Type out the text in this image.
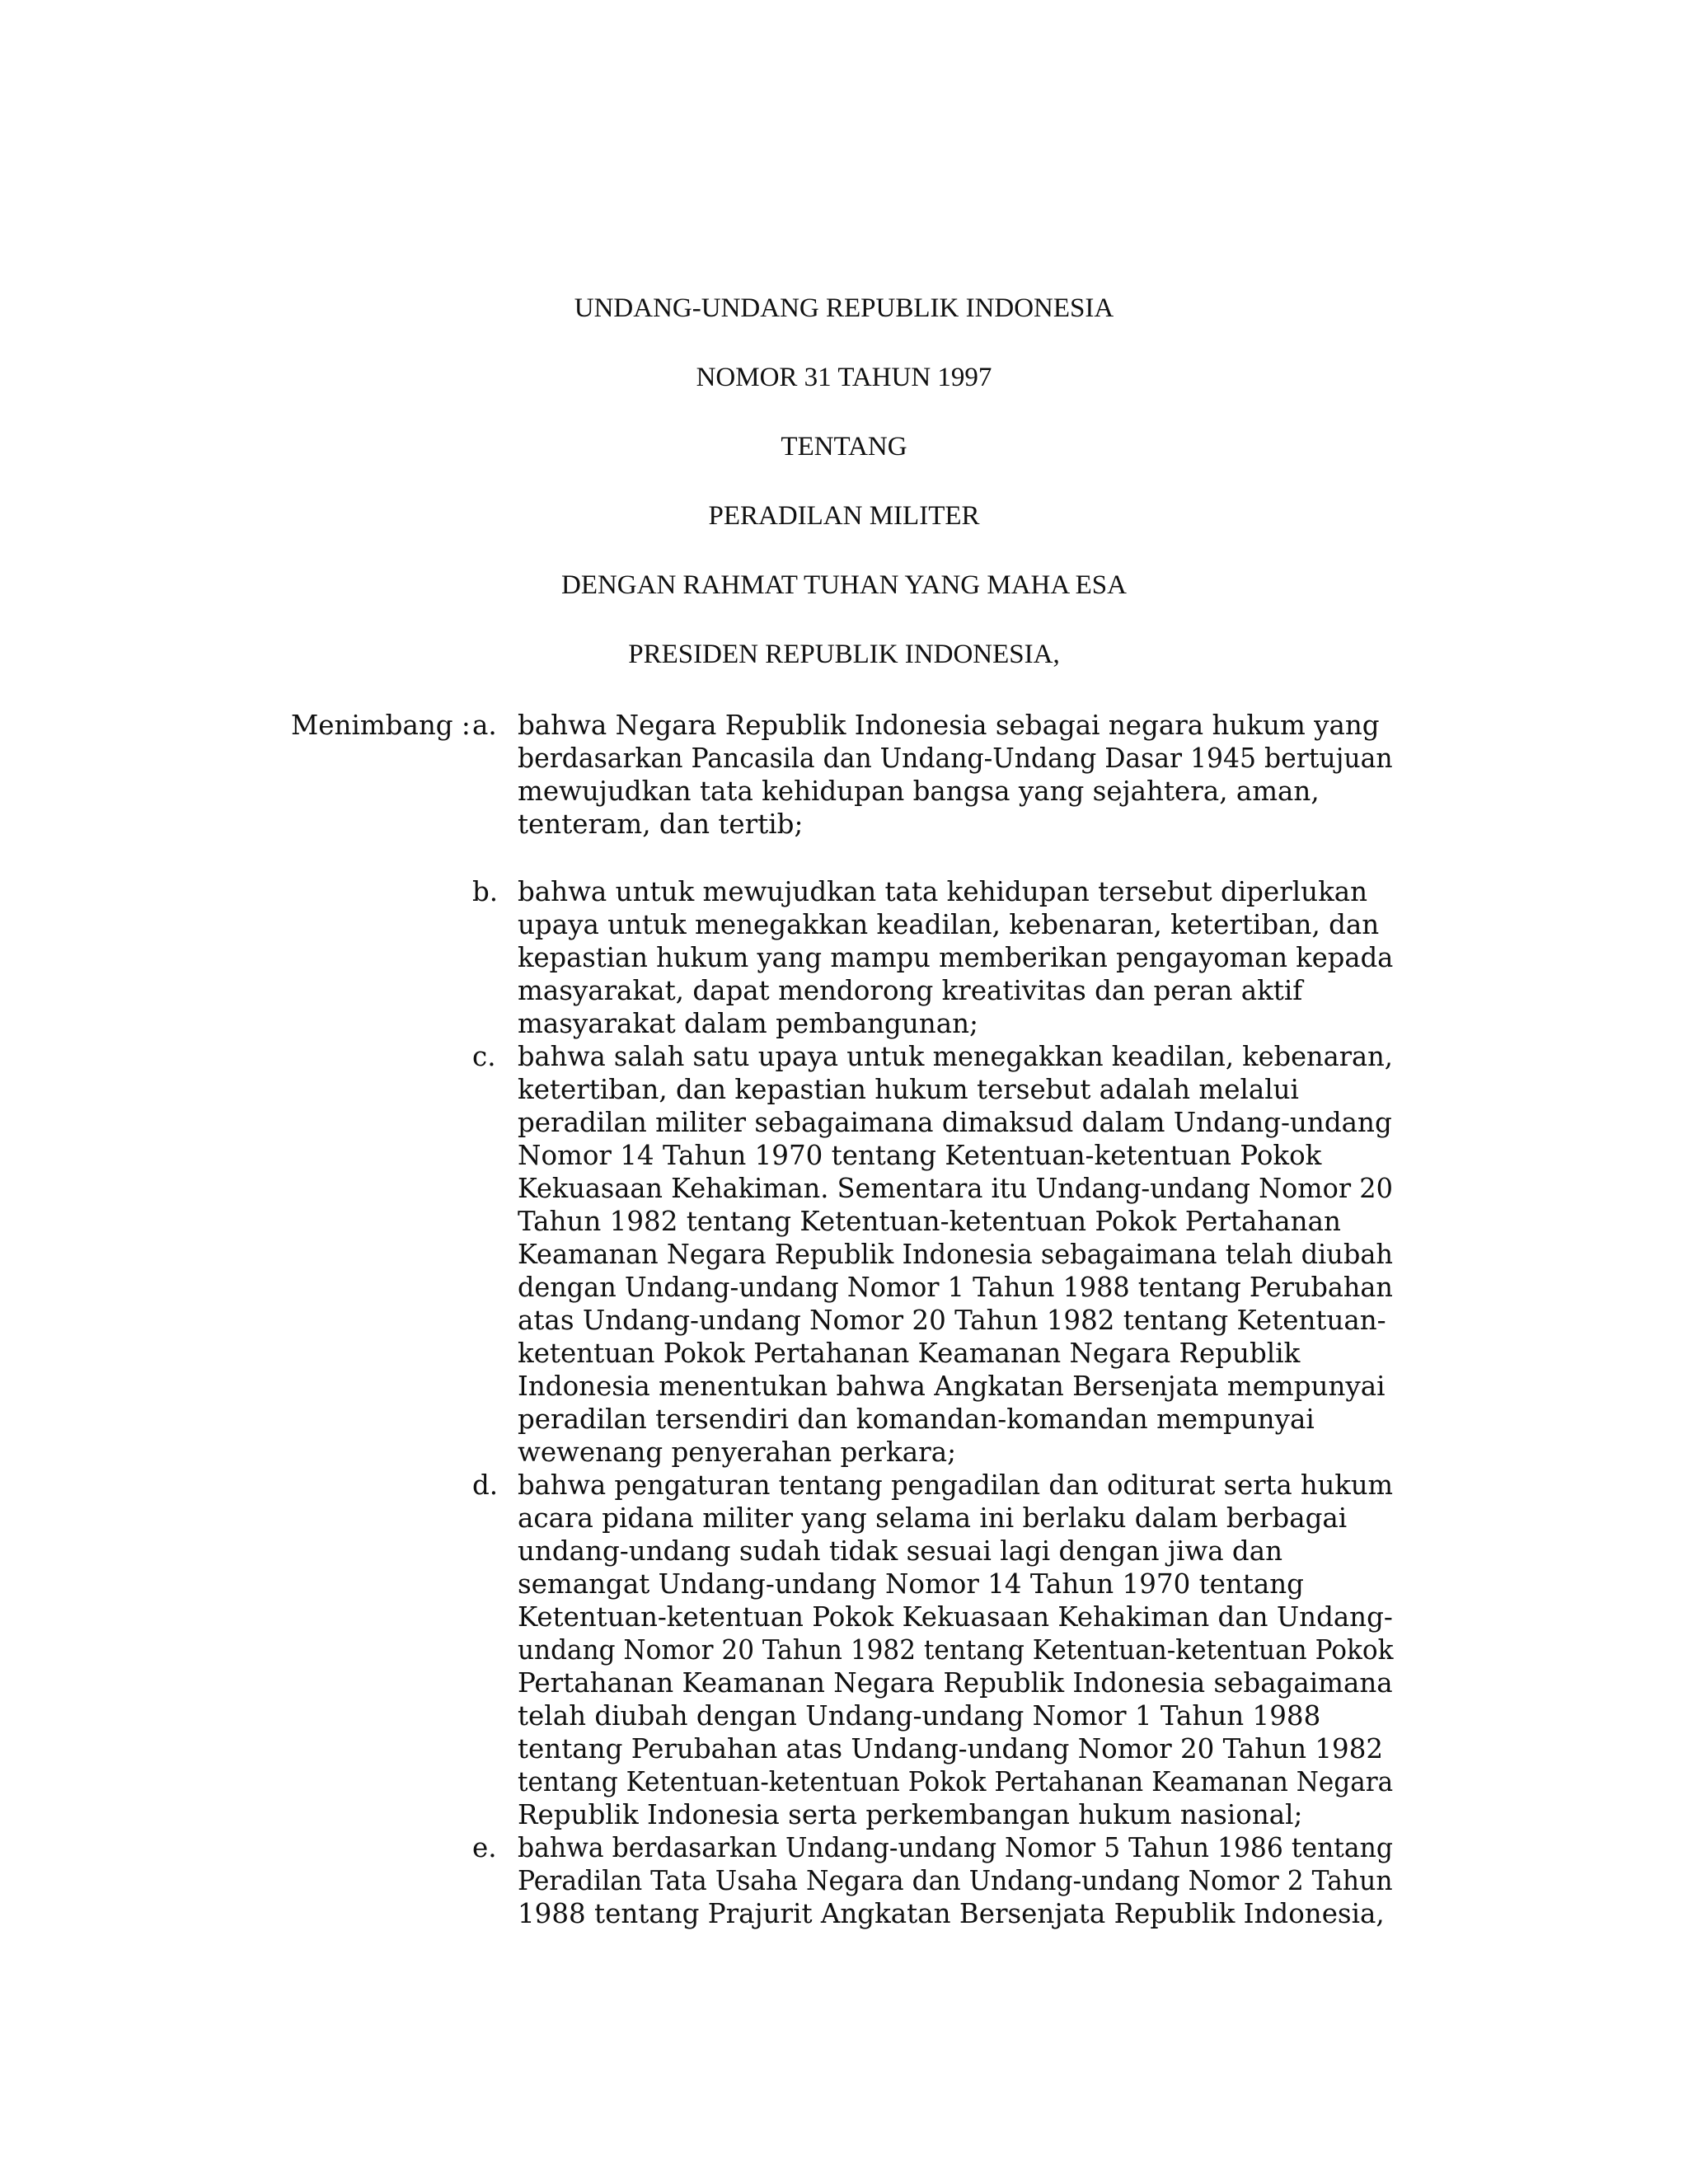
UNDANG-UNDANG REPUBLIK INDONESIA
NOMOR 31 TAHUN 1997
TENTANG
PERADILAN MILITER
DENGAN RAHMAT TUHAN YANG MAHA ESA
PRESIDEN REPUBLIK INDONESIA,
Menimbang : a. bahwa Negara Republik Indonesia sebagai negara hukum yang
berdasarkan Pancasila dan Undang-Undang Dasar 1945 bertujuan
mewujudkan tata kehidupan bangsa yang sejahtera, aman,
tenteram, dan tertib;
b. bahwa untuk mewujudkan tata kehidupan tersebut diperlukan
upaya untuk menegakkan keadilan, kebenaran, ketertiban, dan
kepastian hukum yang mampu memberikan pengayoman kepada
masyarakat, dapat mendorong kreativitas dan peran aktif
masyarakat dalam pembangunan;
c. bahwa salah satu upaya untuk menegakkan keadilan, kebenaran,
ketertiban, dan kepastian hukum tersebut adalah melalui
peradilan militer sebagaimana dimaksud dalam Undang-undang
Nomor 14 Tahun 1970 tentang Ketentuan-ketentuan Pokok
Kekuasaan Kehakiman. Sementara itu Undang-undang Nomor 20
Tahun 1982 tentang Ketentuan-ketentuan Pokok Pertahanan
Keamanan Negara Republik Indonesia sebagaimana telah diubah
dengan Undang-undang Nomor 1 Tahun 1988 tentang Perubahan
atas Undang-undang Nomor 20 Tahun 1982 tentang Ketentuan-
ketentuan Pokok Pertahanan Keamanan Negara Republik
Indonesia menentukan bahwa Angkatan Bersenjata mempunyai
peradilan tersendiri dan komandan-komandan mempunyai
wewenang penyerahan perkara;
d. bahwa pengaturan tentang pengadilan dan oditurat serta hukum
acara pidana militer yang selama ini berlaku dalam berbagai
undang-undang sudah tidak sesuai lagi dengan jiwa dan
semangat Undang-undang Nomor 14 Tahun 1970 tentang
Ketentuan-ketentuan Pokok Kekuasaan Kehakiman dan Undang-
undang Nomor 20 Tahun 1982 tentang Ketentuan-ketentuan Pokok
Pertahanan Keamanan Negara Republik Indonesia sebagaimana
telah diubah dengan Undang-undang Nomor 1 Tahun 1988
tentang Perubahan atas Undang-undang Nomor 20 Tahun 1982
tentang Ketentuan-ketentuan Pokok Pertahanan Keamanan Negara
Republik Indonesia serta perkembangan hukum nasional;
e. bahwa berdasarkan Undang-undang Nomor 5 Tahun 1986 tentang
Peradilan Tata Usaha Negara dan Undang-undang Nomor 2 Tahun
1988 tentang Prajurit Angkatan Bersenjata Republik Indonesia,
